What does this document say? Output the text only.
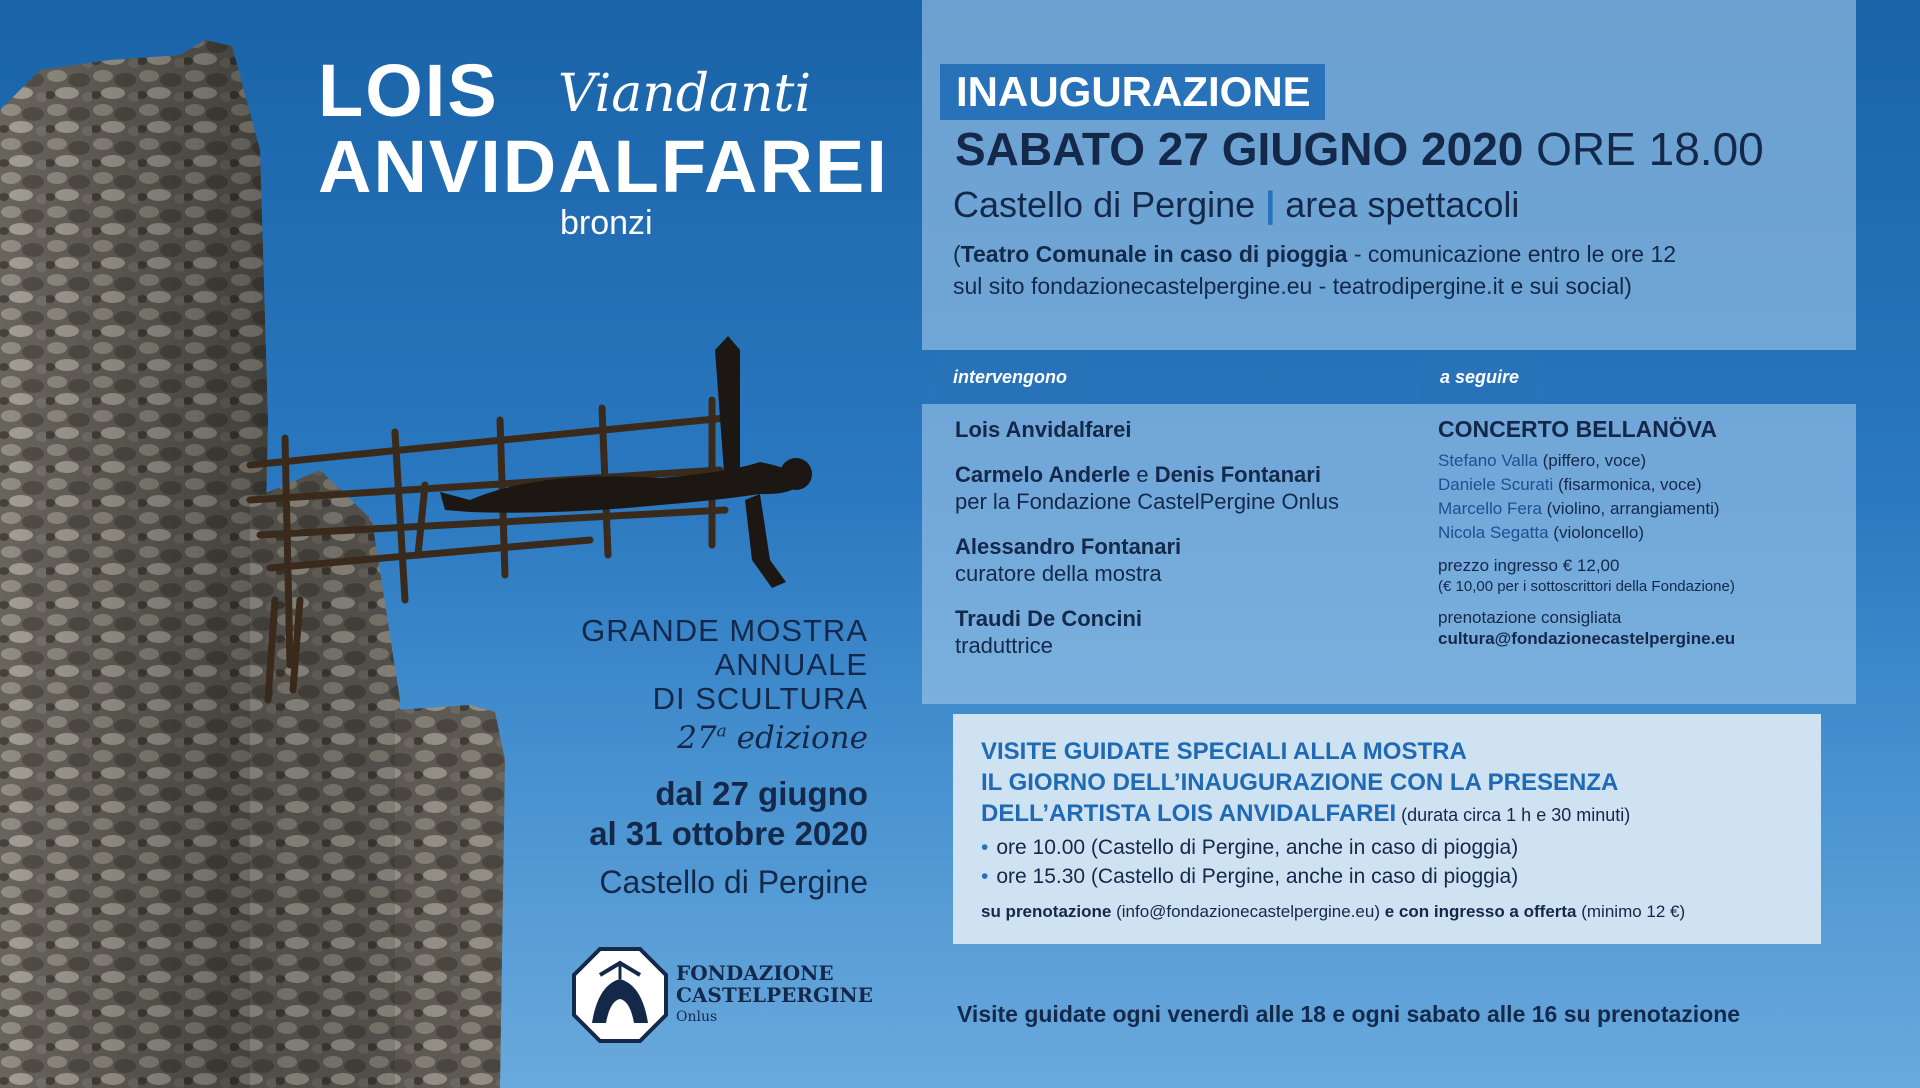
LOIS Viandanti
ANVIDALFAREI
bronzi
GRANDE MOSTRA
ANNUALE
DI SCULTURA
27$^a$ edizione
dal 27 giugno
al 31 ottobre 2020
Castello di Pergine
FONDAZIONE
CASTELPERGINE
Onlus
INAUGURAZIONE
SABATO 27 GIUGNO 2020 ORE 18.00
Castello di Pergine | area spettacoli
(Teatro Comunale in caso di pioggia - comunicazione entro le ore 12
sul sito fondazionecastelpergine.eu - teatrodipergine.it e sui social)
intervengono	a seguire
Lois Anvidalfarei
Carmelo Anderle e Denis Fontanari
per la Fondazione CastelPergine Onlus
Alessandro Fontanari
curatore della mostra
Traudi De Concini
traduttrice
CONCERTO BELLANÖVA
Stefano Valla (piffero, voce)
Daniele Scurati (fisarmonica, voce)
Marcello Fera (violino, arrangiamenti)
Nicola Segatta (violoncello)
prezzo ingresso € 12,00
(€ 10,00 per i sottoscrittori della Fondazione)
prenotazione consigliata
cultura@fondazionecastelpergine.eu
VISITE GUIDATE SPECIALI ALLA MOSTRA
IL GIORNO DELL’INAUGURAZIONE CON LA PRESENZA
DELL’ARTISTA LOIS ANVIDALFAREI (durata circa 1 h e 30 minuti)
• ore 10.00 (Castello di Pergine, anche in caso di pioggia)
• ore 15.30 (Castello di Pergine, anche in caso di pioggia)
su prenotazione (info@fondazionecastelpergine.eu) e con ingresso a offerta (minimo 12 €)
Visite guidate ogni venerdì alle 18 e ogni sabato alle 16 su prenotazione
